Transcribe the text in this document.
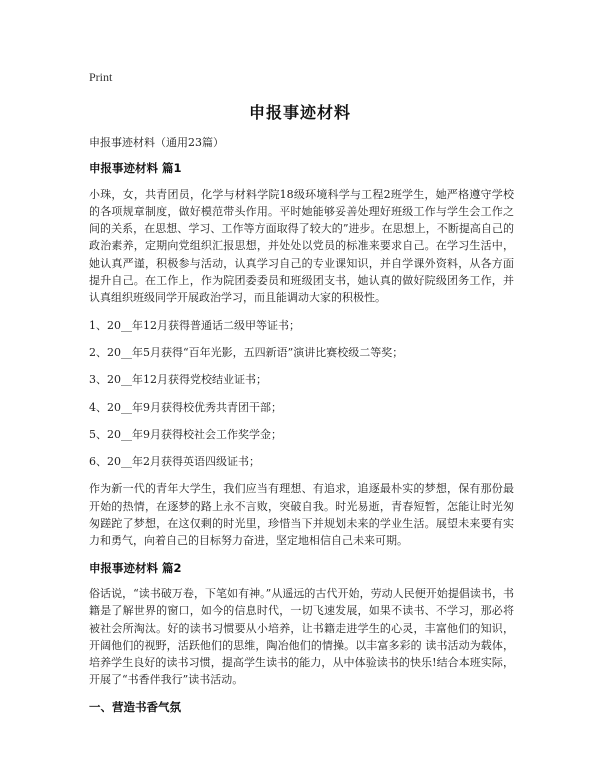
Print
申报事迹材料
申报事迹材料（通用23篇）
申报事迹材料 篇1
小珠，女，共青团员，化学与材料学院18级环境科学与工程2班学生，她严格遵守学校的各项规章制度，做好模范带头作用。平时她能够妥善处理好班级工作与学生会工作之间的关系，在思想、学习、工作等方面取得了较大的”进步。在思想上，不断提高自己的政治素养，定期向党组织汇报思想，并处处以党员的标准来要求自己。在学习生活中，她认真严谨，积极参与活动，认真学习自己的专业课知识，并自学课外资料，从各方面提升自己。在工作上，作为院团委委员和班级团支书，她认真的做好院级团务工作，并认真组织班级同学开展政治学习，而且能调动大家的积极性。
1、20__年12月获得普通话二级甲等证书；
2、20__年5月获得“百年光影，五四新语”演讲比赛校级二等奖；
3、20__年12月获得党校结业证书；
4、20__年9月获得校优秀共青团干部；
5、20__年9月获得校社会工作奖学金；
6、20__年2月获得英语四级证书；
作为新一代的青年大学生，我们应当有理想、有追求，追逐最朴实的梦想，保有那份最开始的热情，在逐梦的路上永不言败，突破自我。时光易逝，青春短暂，怎能让时光匆匆蹉跎了梦想，在这仅剩的时光里，珍惜当下并规划未来的学业生活。展望未来要有实力和勇气，向着自己的目标努力奋进，坚定地相信自己未来可期。
申报事迹材料 篇2
俗话说，“读书破万卷，下笔如有神。”从遥远的古代开始，劳动人民便开始提倡读书，书籍是了解世界的窗口，如今的信息时代，一切飞速发展，如果不读书、不学习，那必将被社会所淘汰。好的读书习惯要从小培养，让书籍走进学生的心灵，丰富他们的知识，开阔他们的视野，活跃他们的思维，陶冶他们的情操。以丰富多彩的 读书活动为载体，培养学生良好的读书习惯，提高学生读书的能力，从中体验读书的快乐!结合本班实际，开展了“书香伴我行”读书活动。
一、营造书香气氛
